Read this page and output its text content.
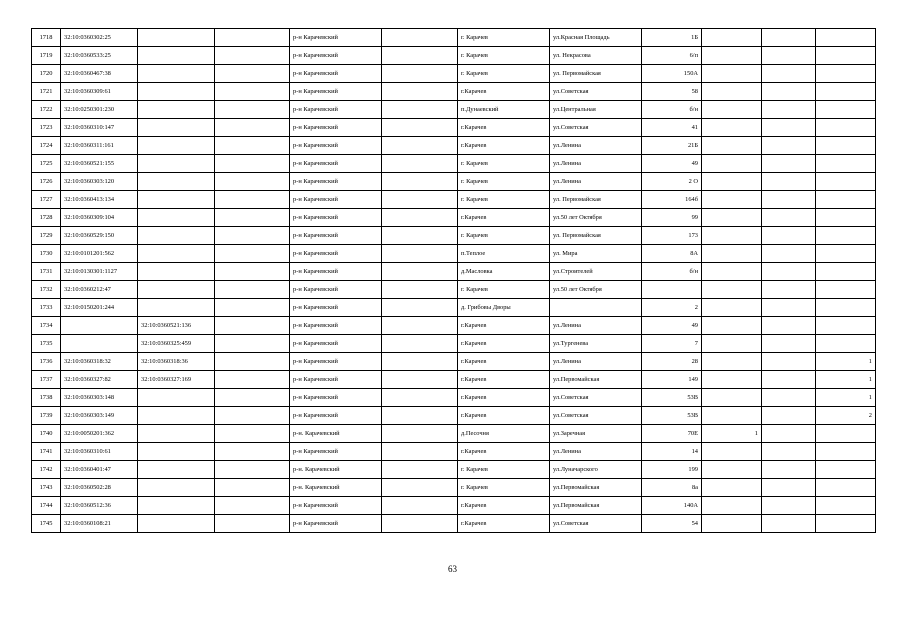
1718	32:10:0360302:25			р-н Карачевский		г. Карачев	ул.Красная Площадь	1Б			
1719	32:10:0360533:25			р-н Карачевский		г. Карачев	ул. Некрасова	6/п			
1720	32:10:0360467:38			р-н Карачевский		г. Карачев	ул. Первомайская	150А			
1721	32:10:0360309:61			р-н Карачевский		г.Карачев	ул.Советская	58			
1722	32:10:0250301:230			р-н Карачевский		п.Дунаевский	ул.Центральная	б/н			
1723	32:10:0360310:147			р-н Карачевский		г.Карачев	ул.Советская	41			
1724	32:10:0360311:161			р-н Карачевский		г.Карачев	ул.Ленина	21Б			
1725	32:10:0360521:155			р-н Карачевский		г. Карачев	ул.Ленина	49			
1726	32:10:0360303:120			р-н Карачевский		г. Карачев	ул.Ленина	2 О			
1727	32:10:0360413:134			р-н Карачевский		г. Карачев	ул. Первомайская	164б			
1728	32:10:0360309:104			р-н Карачевский		г.Карачев	ул.50 лет Октября	99			
1729	32:10:0360529:150			р-н Карачевский		г. Карачев	ул. Первомайская	173			
1730	32:10:0101201:562			р-н Карачевский		п.Теплое	ул. Мира	8А			
1731	32:10:0130301:1127			р-н Карачевский		д.Масловка	ул.Строителей	б/н			
1732	32:10:0360212:47			р-н Карачевский		г. Карачев	ул.50 лет Октября				
1733	32:10:0150201:244			р-н Карачевский		д. Грибовы Дворы		2			
1734		32:10:0360521:136		р-н Карачевский		г.Карачев	ул.Ленина	49			
1735		32:10:0360325:459		р-н Карачевский		г.Карачев	ул.Тургенева	7			
1736	32:10:0360318:32	32:10:0360318:36		р-н Карачевский		г.Карачев	ул.Ленина	28			1
1737	32:10:0360327:82	32:10:0360327:169		р-н Карачевский		г.Карачев	ул.Первомайская	149			1
1738	32:10:0360303:148			р-н Карачевский		г.Карачев	ул.Советская	53В			1
1739	32:10:0360303:149			р-н Карачевский		г.Карачев	ул.Советская	53В			2
1740	32:10:0050201:362			р-н. Карачевский		д.Песочня	ул.Заречная	70Е	1		
1741	32:10:0360310:61			р-н Карачевский		г.Карачев	ул.Ленина	14			
1742	32:10:0360401:47			р-н. Карачевский		г. Карачев	ул.Луначарского	199			
1743	32:10:0360502:28			р-н. Карачевский		г. Карачев	ул.Первомайская	8а			
1744	32:10:0360512:36			р-н Карачевский		г.Карачев	ул.Первомайская	140А			
1745	32:10:0360108:21			р-н Карачевский		г.Карачев	ул.Советская	54			
63
